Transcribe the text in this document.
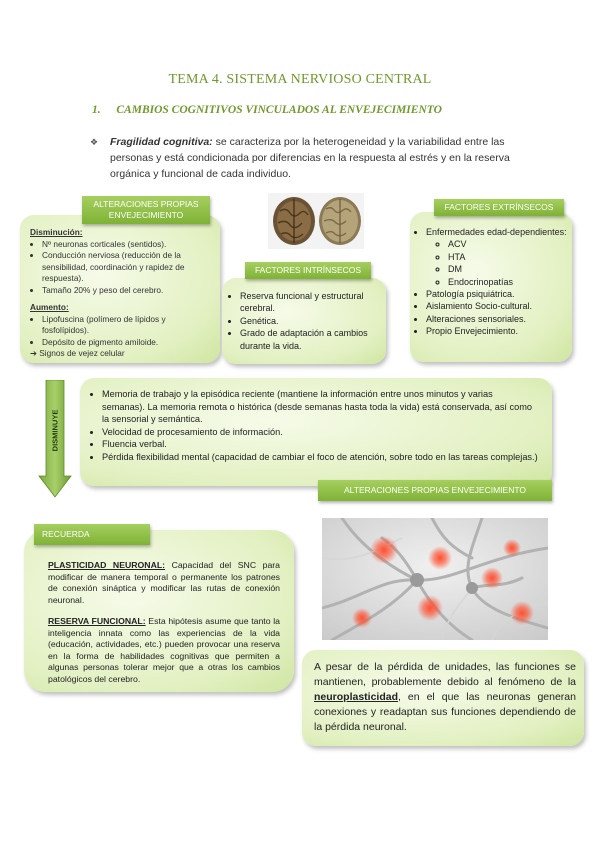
TEMA 4. SISTEMA NERVIOSO CENTRAL
1. CAMBIOS COGNITIVOS VINCULADOS AL ENVEJECIMIENTO
❖	Fragilidad cognitiva: se caracteriza por la heterogeneidad y la variabilidad entre las personas y está condicionada por diferencias en la respuesta al estrés y en la reserva orgánica y funcional de cada individuo.
Disminución:
• Nº neuronas corticales (sentidos).
• Conducción nerviosa (reducción de la sensibilidad, coordinación y rapidez de respuesta).
• Tamaño 20% y peso del cerebro.
Aumento:
• Lipofuscina (polímero de lípidos y fosfolípidos).
• Depósito de pigmento amiloide.
➔ Signos de vejez celular
ALTERACIONES PROPIAS ENVEJECIMIENTO
• Reserva funcional y estructural cerebral.
• Genética.
• Grado de adaptación a cambios durante la vida.
FACTORES INTRÍNSECOS
• Enfermedades edad-dependientes:
◦ ACV
◦ HTA
◦ DM
◦ Endocrinopatías
• Patología psiquiátrica.
• Aislamiento Socio-cultural.
• Alteraciones sensoriales.
• Propio Envejecimiento.
FACTORES EXTRÍNSECOS
DISMINUYE
• Memoria de trabajo y la episódica reciente (mantiene la información entre unos minutos y varias semanas). La memoria remota o histórica (desde semanas hasta toda la vida) está conservada, así como la sensorial y semántica.
• Velocidad de procesamiento de información.
• Fluencia verbal.
• Pérdida flexibilidad mental (capacidad de cambiar el foco de atención, sobre todo en las tareas complejas.)
ALTERACIONES PROPIAS ENVEJECIMIENTO
PLASTICIDAD NEURONAL: Capacidad del SNC para modificar de manera temporal o permanente los patrones de conexión sináptica y modificar las rutas de conexión neuronal.
RESERVA FUNCIONAL: Esta hipótesis asume que tanto la inteligencia innata como las experiencias de la vida (educación, actividades, etc.) pueden provocar una reserva en la forma de habilidades cognitivas que permiten a algunas personas tolerar mejor que a otras los cambios patológicos del cerebro.
RECUERDA
A pesar de la pérdida de unidades, las funciones se mantienen, probablemente debido al fenómeno de la neuroplasticidad, en el que las neuronas generan conexiones y readaptan sus funciones dependiendo de la pérdida neuronal.
